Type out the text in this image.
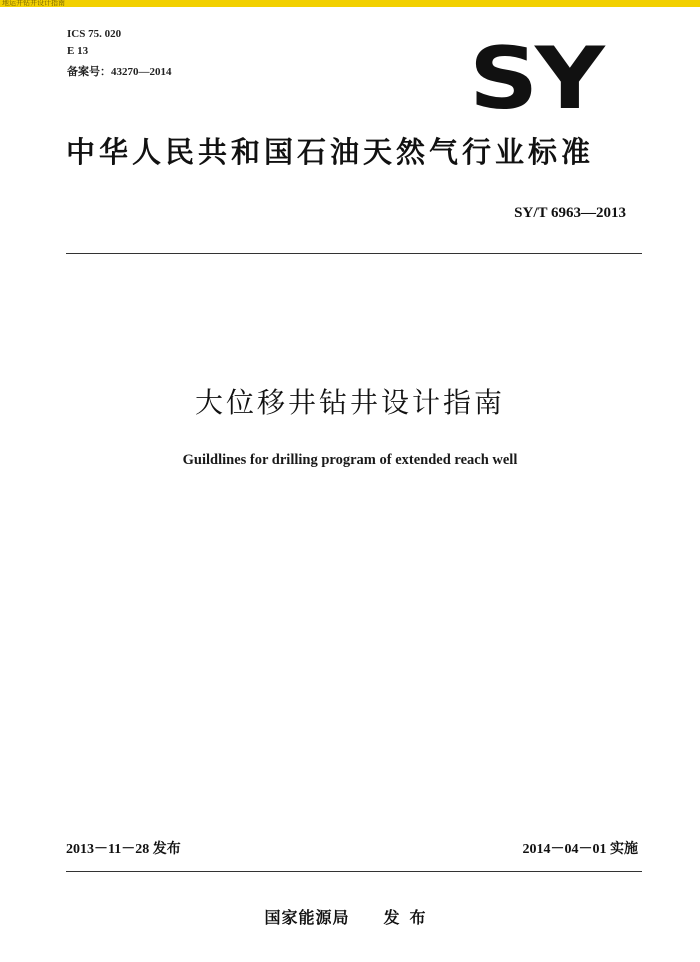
地运井钻井设计指南
ICS 75. 020
E 13
备案号：43270—2014	SY
中华人民共和国石油天然气行业标准
SY/T 6963—2013
大位移井钻井设计指南
Guildlines for drilling program of extended reach well
2013－11－28 发布	2014－04－01 实施
国家能源局 发布
